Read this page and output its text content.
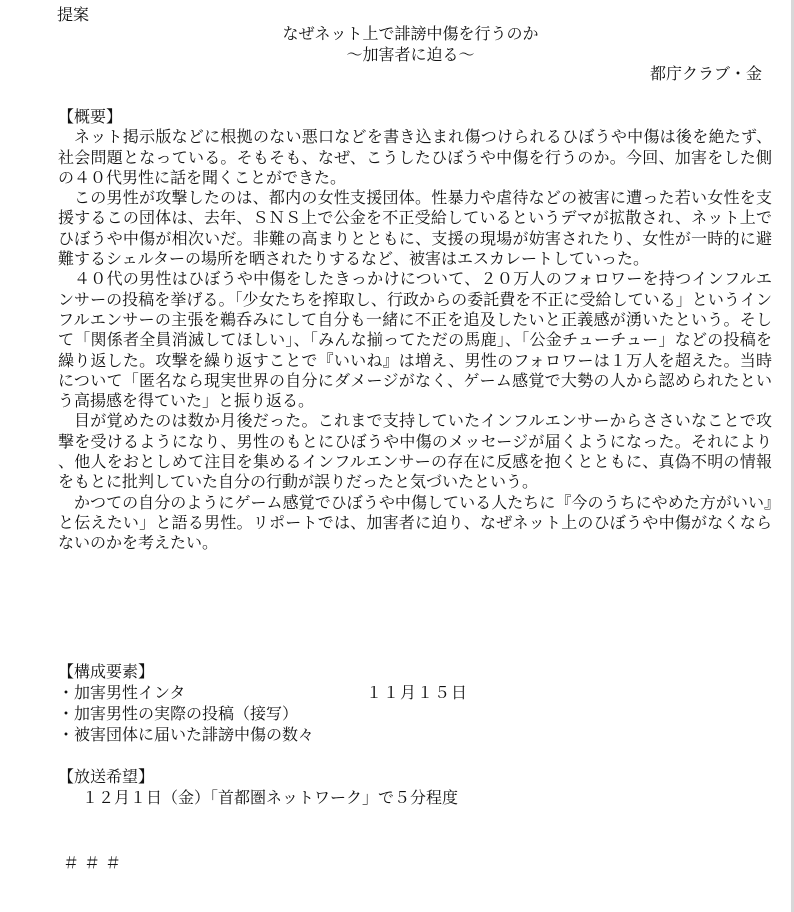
提案
なぜネット上で誹謗中傷を行うのか
～加害者に迫る～
都庁クラブ・金
【概要】

ネット掲示版などに根拠のない悪口などを書き込まれ傷つけられるひぼうや中傷は後を絶たず、社会問題となっている。そもそも、なぜ、こうしたひぼうや中傷を行うのか。今回、加害をした側の４０代男性に話を聞くことができた。

この男性が攻撃したのは、都内の女性支援団体。性暴力や虐待などの被害に遭った若い女性を支援するこの団体は、去年、ＳＮＳ上で公金を不正受給しているというデマが拡散され、ネット上でひぼうや中傷が相次いだ。非難の高まりとともに、支援の現場が妨害されたり、女性が一時的に避難するシェルターの場所を晒されたりするなど、被害はエスカレートしていった。

４０代の男性はひぼうや中傷をしたきっかけについて、２０万人のフォロワーを持つインフルエンサーの投稿を挙げる。「少女たちを搾取し、行政からの委託費を不正に受給している」というインフルエンサーの主張を鵜呑みにして自分も一緒に不正を追及したいと正義感が湧いたという。そして「関係者全員消滅してほしい」、「みんな揃ってただの馬鹿」、「公金チューチュー」などの投稿を繰り返した。攻撃を繰り返すことで『いいね』は増え、男性のフォロワーは１万人を超えた。当時について「匿名なら現実世界の自分にダメージがなく、ゲーム感覚で大勢の人から認められたという高揚感を得ていた」と振り返る。

目が覚めたのは数か月後だった。これまで支持していたインフルエンサーからささいなことで攻撃を受けるようになり、男性のもとにひぼうや中傷のメッセージが届くようになった。それにより、他人をおとしめて注目を集めるインフルエンサーの存在に反感を抱くとともに、真偽不明の情報をもとに批判していた自分の行動が誤りだったと気づいたという。

かつての自分のようにゲーム感覚でひぼうや中傷している人たちに『今のうちにやめた方がいい』と伝えたい」と語る男性。リポートでは、加害者に迫り、なぜネット上のひぼうや中傷がなくならないのかを考えたい。

【構成要素】
・加害男性インタ	１１月１５日
・加害男性の実際の投稿（接写）
・被害団体に届いた誹謗中傷の数々
【放送希望】
１２月１日（金）「首都圏ネットワーク」で５分程度
＃＃＃
